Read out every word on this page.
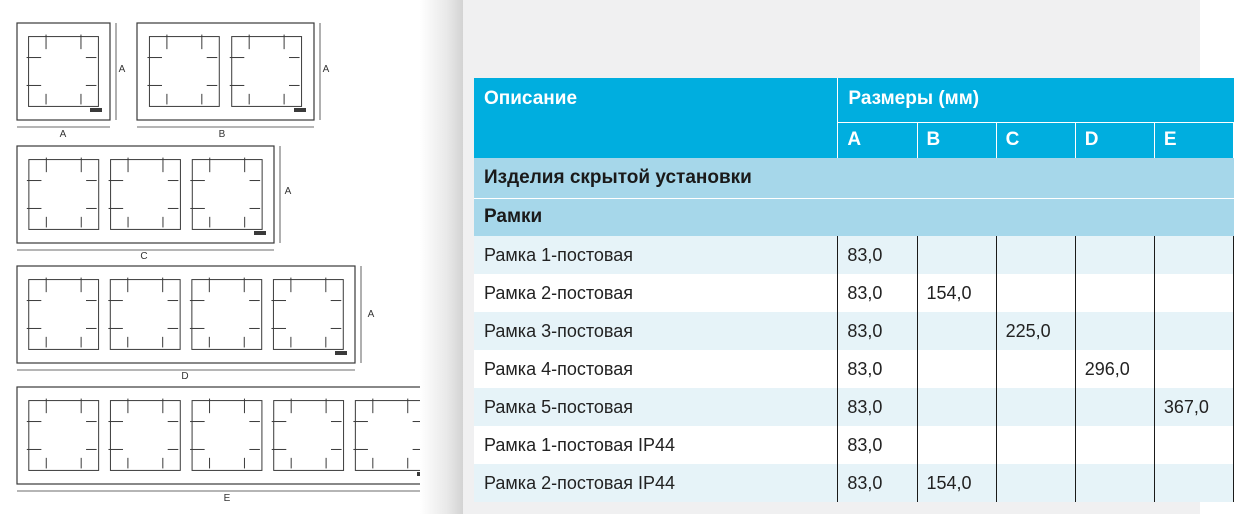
A
A
B
A
C
A
D
A
E
Описание	Размеры (мм)				
	A	B	C	D	E
Изделия скрытой установки					
Рамки					
Рамка 1-постовая	83,0				
Рамка 2-постовая	83,0	154,0			
Рамка 3-постовая	83,0		225,0		
Рамка 4-постовая	83,0			296,0	
Рамка 5-постовая	83,0				367,0
Рамка 1-постовая IP44	83,0				
Рамка 2-постовая IP44	83,0	154,0			
